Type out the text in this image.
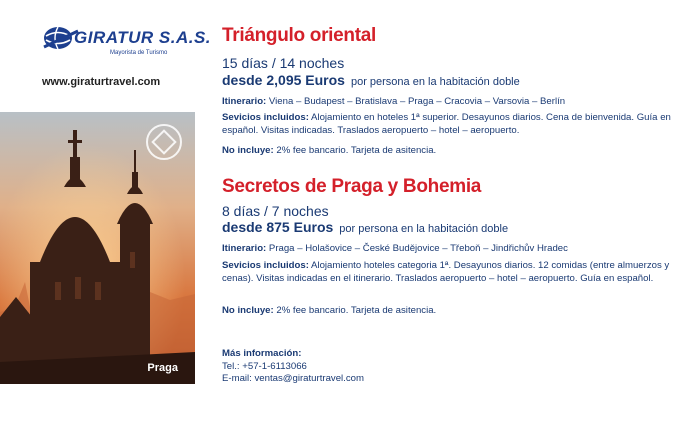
GIRATUR S.A.S.
Mayorista de Turismo
www.giraturtravel.com
Praga
Triángulo oriental
15 días / 14 noches
desde 2,095 Euros por persona en la habitación doble
Itinerario: Viena – Budapest – Bratislava – Praga – Cracovia – Varsovia – Berlín
Sevicios incluidos: Alojamiento en hoteles 1ª superior. Desayunos diarios. Cena de bienvenida. Guía en español. Visitas indicadas. Traslados aeropuerto – hotel – aeropuerto.
No incluye: 2% fee bancario. Tarjeta de asitencia.
Secretos de Praga y Bohemia
8 días / 7 noches
desde 875 Euros por persona en la habitación doble
Itinerario: Praga – Holašovice – České Budějovice – Třeboň – Jindřichův Hradec
Sevicios incluidos: Alojamiento hoteles categoria 1ª. Desayunos diarios. 12 comidas (entre almuerzos y cenas). Visitas indicadas en el itinerario. Traslados aeropuerto – hotel – aeropuerto. Guía en español.
No incluye: 2% fee bancario. Tarjeta de asitencia.
Más información:
Tel.: +57-1-6113066
E-mail: ventas@giraturtravel.com
